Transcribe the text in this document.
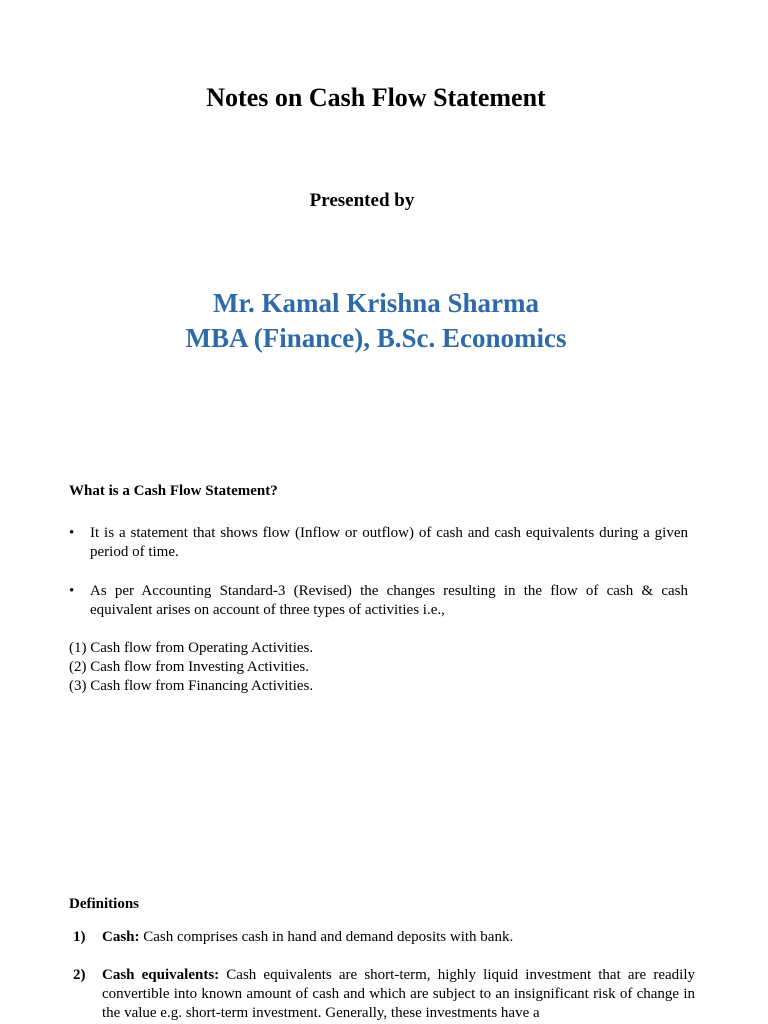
Notes on Cash Flow Statement
Presented by
Mr. Kamal Krishna Sharma
MBA (Finance), B.Sc. Economics
What is a Cash Flow Statement?
• It is a statement that shows flow (Inflow or outflow) of cash and cash equivalents during a given period of time.
• As per Accounting Standard-3 (Revised) the changes resulting in the flow of cash & cash equivalent arises on account of three types of activities i.e.,
(1) Cash flow from Operating Activities.
(2) Cash flow from Investing Activities.
(3) Cash flow from Financing Activities.
Definitions
1) Cash: Cash comprises cash in hand and demand deposits with bank.
2) Cash equivalents: Cash equivalents are short-term, highly liquid investment that are readily convertible into known amount of cash and which are subject to an insignificant risk of change in the value e.g. short-term investment. Generally, these investments have a
